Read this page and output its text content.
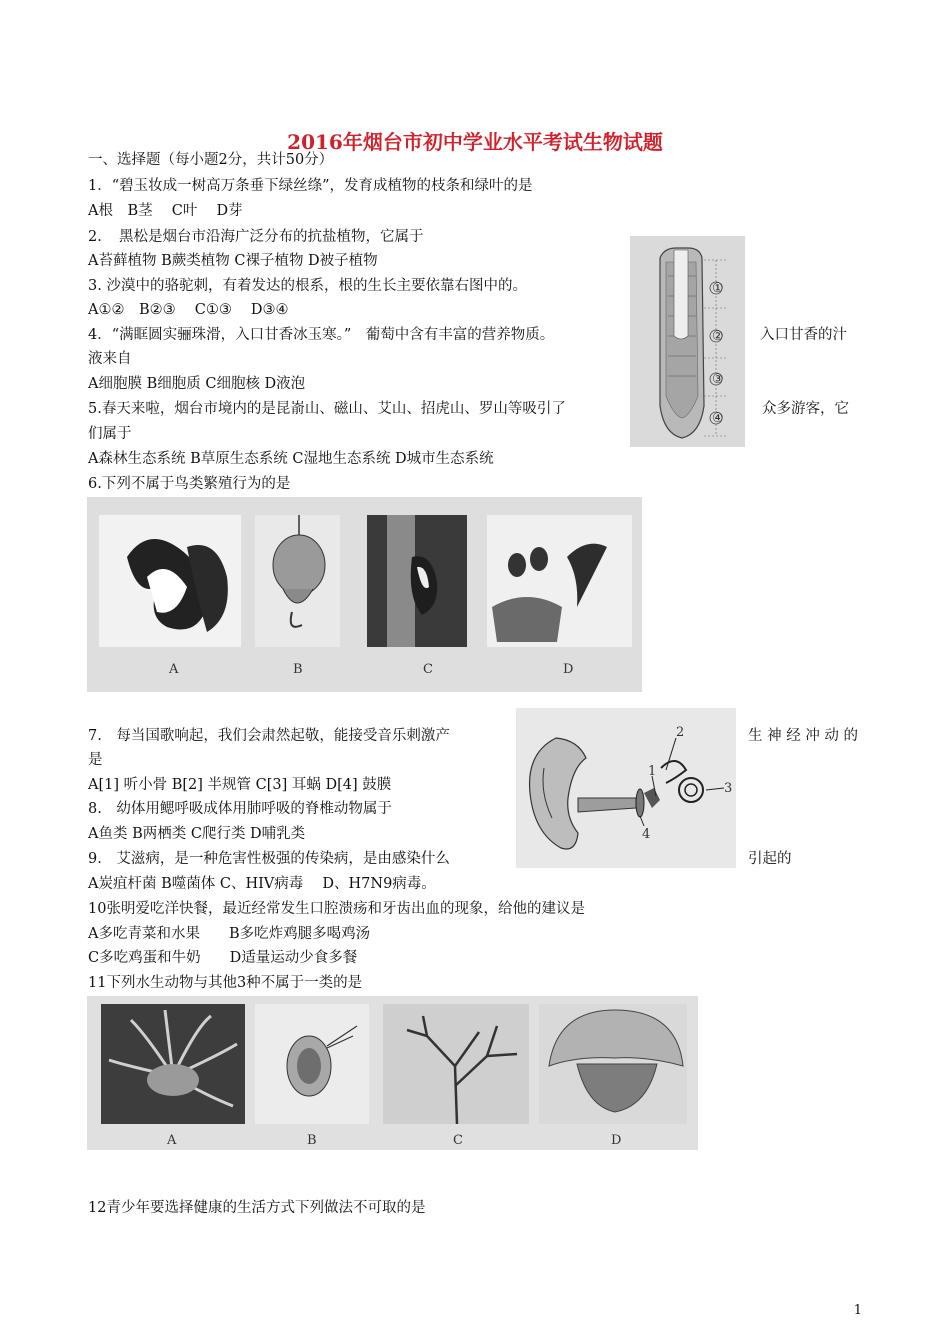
2016年烟台市初中学业水平考试生物试题
一、选择题（每小题2分，共计50分）
1．“碧玉妆成一树高万条垂下绿丝绦”，发育成植物的枝条和绿叶的是
A根　B茎　 C叶　 D芽
2．　黑松是烟台市沿海广泛分布的抗盐植物，它属于
A苔藓植物 B蕨类植物 C裸子植物 D被子植物
3. 沙漠中的骆驼刺，有着发达的根系，根的生长主要依靠右图中的。
A①②　B②③　 C①③　 D③④
4．“满眶圆实骊珠滑，入口甘香冰玉寒。”　葡萄中含有丰富的营养物质。	入口甘香的汁
液来自
A细胞膜 B细胞质 C细胞核 D液泡
5.春天来啦，烟台市境内的是昆嵛山、磁山、艾山、招虎山、罗山等吸引了	众多游客，它
们属于
A森林生态系统 B草原生态系统 C湿地生态系统 D城市生态系统
6.下列不属于鸟类繁殖行为的是
①
②
③
④
A	B	C	D
7.　每当国歌响起，我们会肃然起敬，能接受音乐刺激产	生 神 经 冲 动 的
是
A[1] 听小骨 B[2] 半规管 C[3] 耳蜗 D[4] 鼓膜
1
2
3
4
8.　幼体用鳃呼吸成体用肺呼吸的脊椎动物属于
A鱼类 B两栖类 C爬行类 D哺乳类
9.　艾滋病，是一种危害性极强的传染病，是由感染什么	引起的
A炭疽杆菌 B噬菌体 C、HIV病毒　 D、H7N9病毒。
10张明爱吃洋快餐，最近经常发生口腔溃疡和牙齿出血的现象，给他的建议是
A多吃青菜和水果　　B多吃炸鸡腿多喝鸡汤
C多吃鸡蛋和牛奶　　D适量运动少食多餐
11下列水生动物与其他3种不属于一类的是
A	B	C	D
12青少年要选择健康的生活方式下列做法不可取的是
1
